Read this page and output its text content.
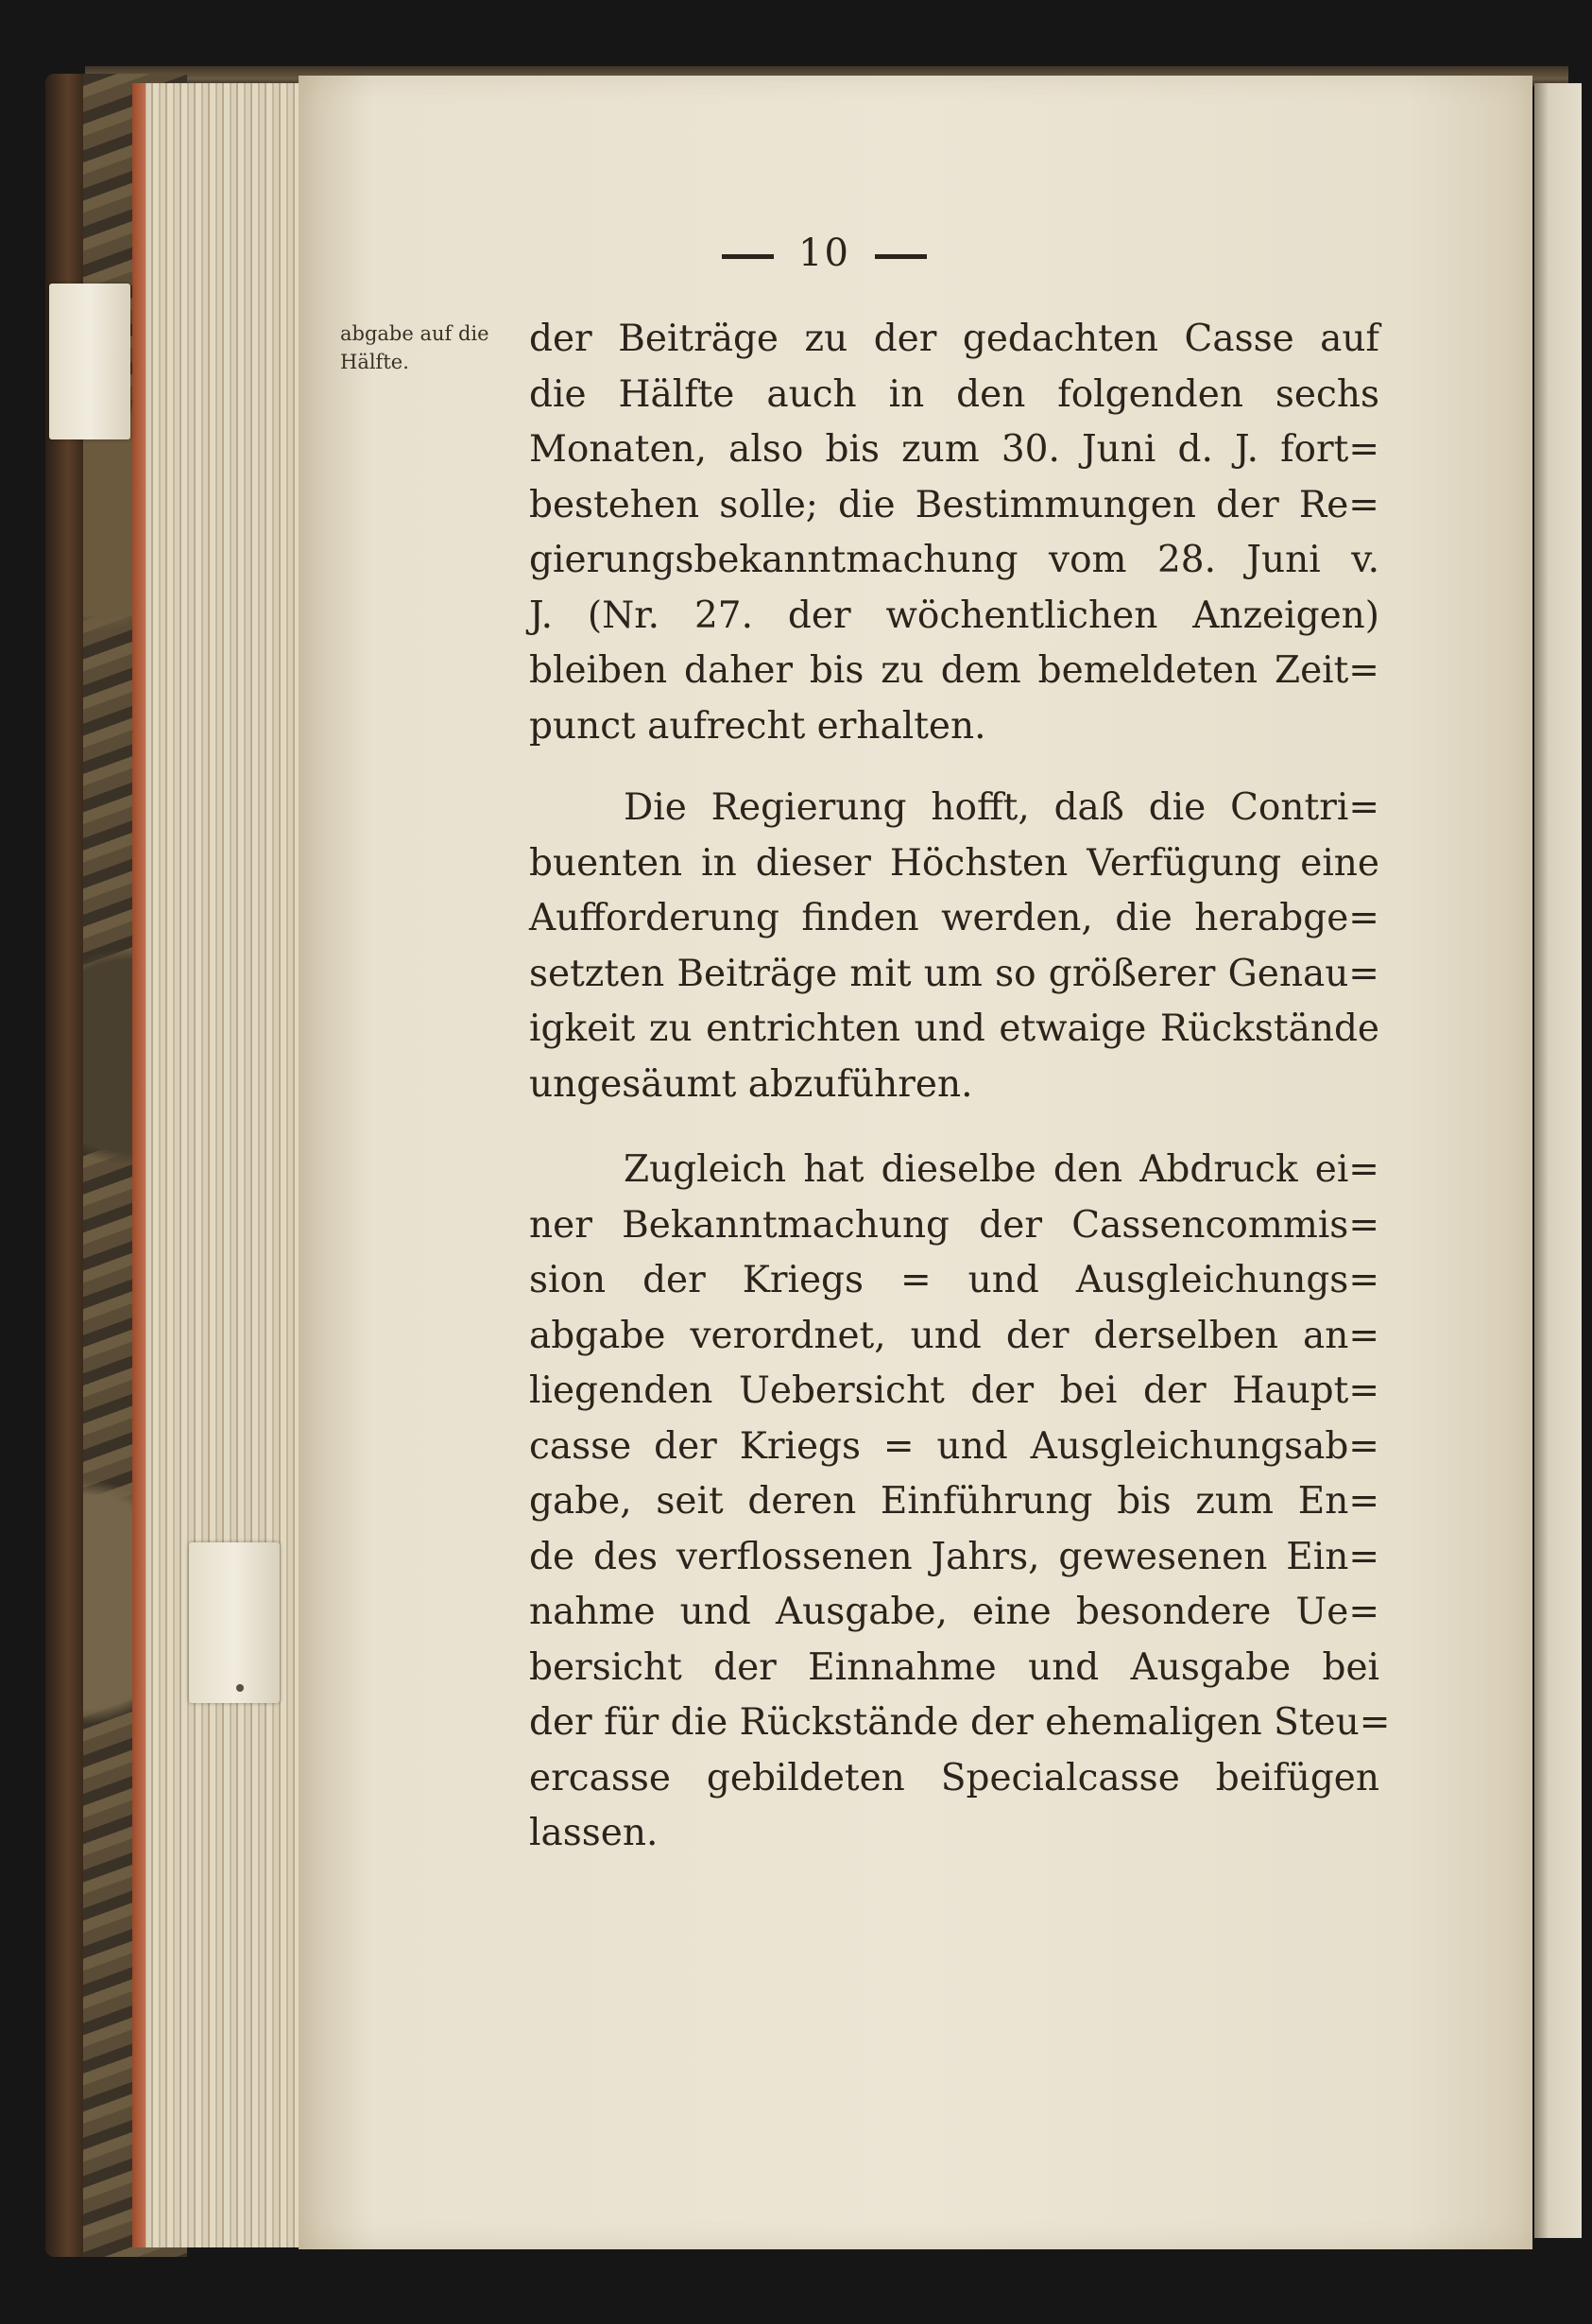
10
abgabe auf die
Hälfte.
der Beiträge zu der gedachten Casse auf
die Hälfte auch in den folgenden sechs
Monaten, also bis zum 30. Juni d. J. fort=
bestehen solle; die Bestimmungen der Re=
gierungsbekanntmachung vom 28. Juni v.
J. (Nr. 27. der wöchentlichen Anzeigen)
bleiben daher bis zu dem bemeldeten Zeit=
punct aufrecht erhalten.
Die Regierung hofft, daß die Contri=
buenten in dieser Höchsten Verfügung eine
Aufforderung finden werden, die herabge=
setzten Beiträge mit um so größerer Genau=
igkeit zu entrichten und etwaige Rückstände
ungesäumt abzuführen.
Zugleich hat dieselbe den Abdruck ei=
ner Bekanntmachung der Cassencommis=
sion der Kriegs = und Ausgleichungs=
abgabe verordnet, und der derselben an=
liegenden Uebersicht der bei der Haupt=
casse der Kriegs = und Ausgleichungsab=
gabe, seit deren Einführung bis zum En=
de des verflossenen Jahrs, gewesenen Ein=
nahme und Ausgabe, eine besondere Ue=
bersicht der Einnahme und Ausgabe bei
der für die Rückstände der ehemaligen Steu=
ercasse gebildeten Specialcasse beifügen
lassen.
